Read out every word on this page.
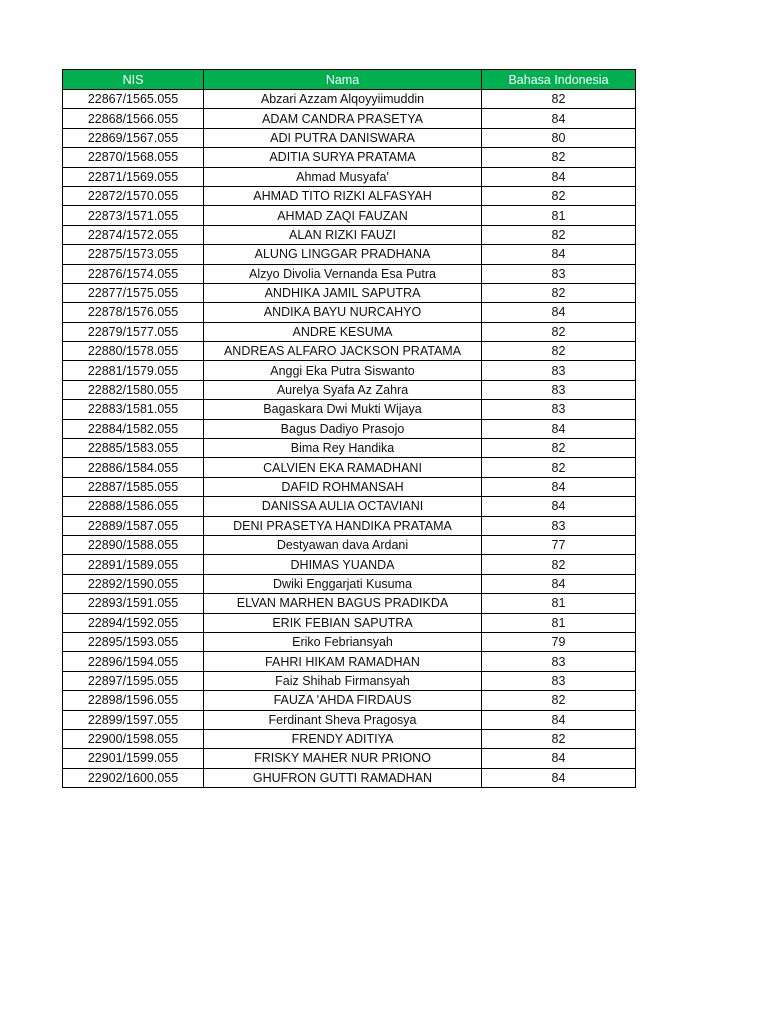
NIS	Nama	Bahasa Indonesia
22867/1565.055	Abzari Azzam Alqoyyiimuddin	82
22868/1566.055	ADAM CANDRA PRASETYA	84
22869/1567.055	ADI PUTRA DANISWARA	80
22870/1568.055	ADITIA SURYA PRATAMA	82
22871/1569.055	Ahmad Musyafa'	84
22872/1570.055	AHMAD TITO RIZKI ALFASYAH	82
22873/1571.055	AHMAD ZAQI FAUZAN	81
22874/1572.055	ALAN RIZKI FAUZI	82
22875/1573.055	ALUNG LINGGAR PRADHANA	84
22876/1574.055	Alzyo Divolia Vernanda Esa Putra	83
22877/1575.055	ANDHIKA JAMIL SAPUTRA	82
22878/1576.055	ANDIKA BAYU NURCAHYO	84
22879/1577.055	ANDRE KESUMA	82
22880/1578.055	ANDREAS ALFARO JACKSON PRATAMA	82
22881/1579.055	Anggi Eka Putra Siswanto	83
22882/1580.055	Aurelya Syafa Az Zahra	83
22883/1581.055	Bagaskara Dwi Mukti Wijaya	83
22884/1582.055	Bagus Dadiyo Prasojo	84
22885/1583.055	Bima Rey Handika	82
22886/1584.055	CALVIEN EKA RAMADHANI	82
22887/1585.055	DAFID ROHMANSAH	84
22888/1586.055	DANISSA AULIA OCTAVIANI	84
22889/1587.055	DENI PRASETYA HANDIKA PRATAMA	83
22890/1588.055	Destyawan dava Ardani	77
22891/1589.055	DHIMAS YUANDA	82
22892/1590.055	Dwiki Enggarjati Kusuma	84
22893/1591.055	ELVAN MARHEN BAGUS PRADIKDA	81
22894/1592.055	ERIK FEBIAN SAPUTRA	81
22895/1593.055	Eriko Febriansyah	79
22896/1594.055	FAHRI HIKAM RAMADHAN	83
22897/1595.055	Faiz Shihab Firmansyah	83
22898/1596.055	FAUZA 'AHDA FIRDAUS	82
22899/1597.055	Ferdinant Sheva Pragosya	84
22900/1598.055	FRENDY ADITIYA	82
22901/1599.055	FRISKY MAHER NUR PRIONO	84
22902/1600.055	GHUFRON GUTTI RAMADHAN	84
